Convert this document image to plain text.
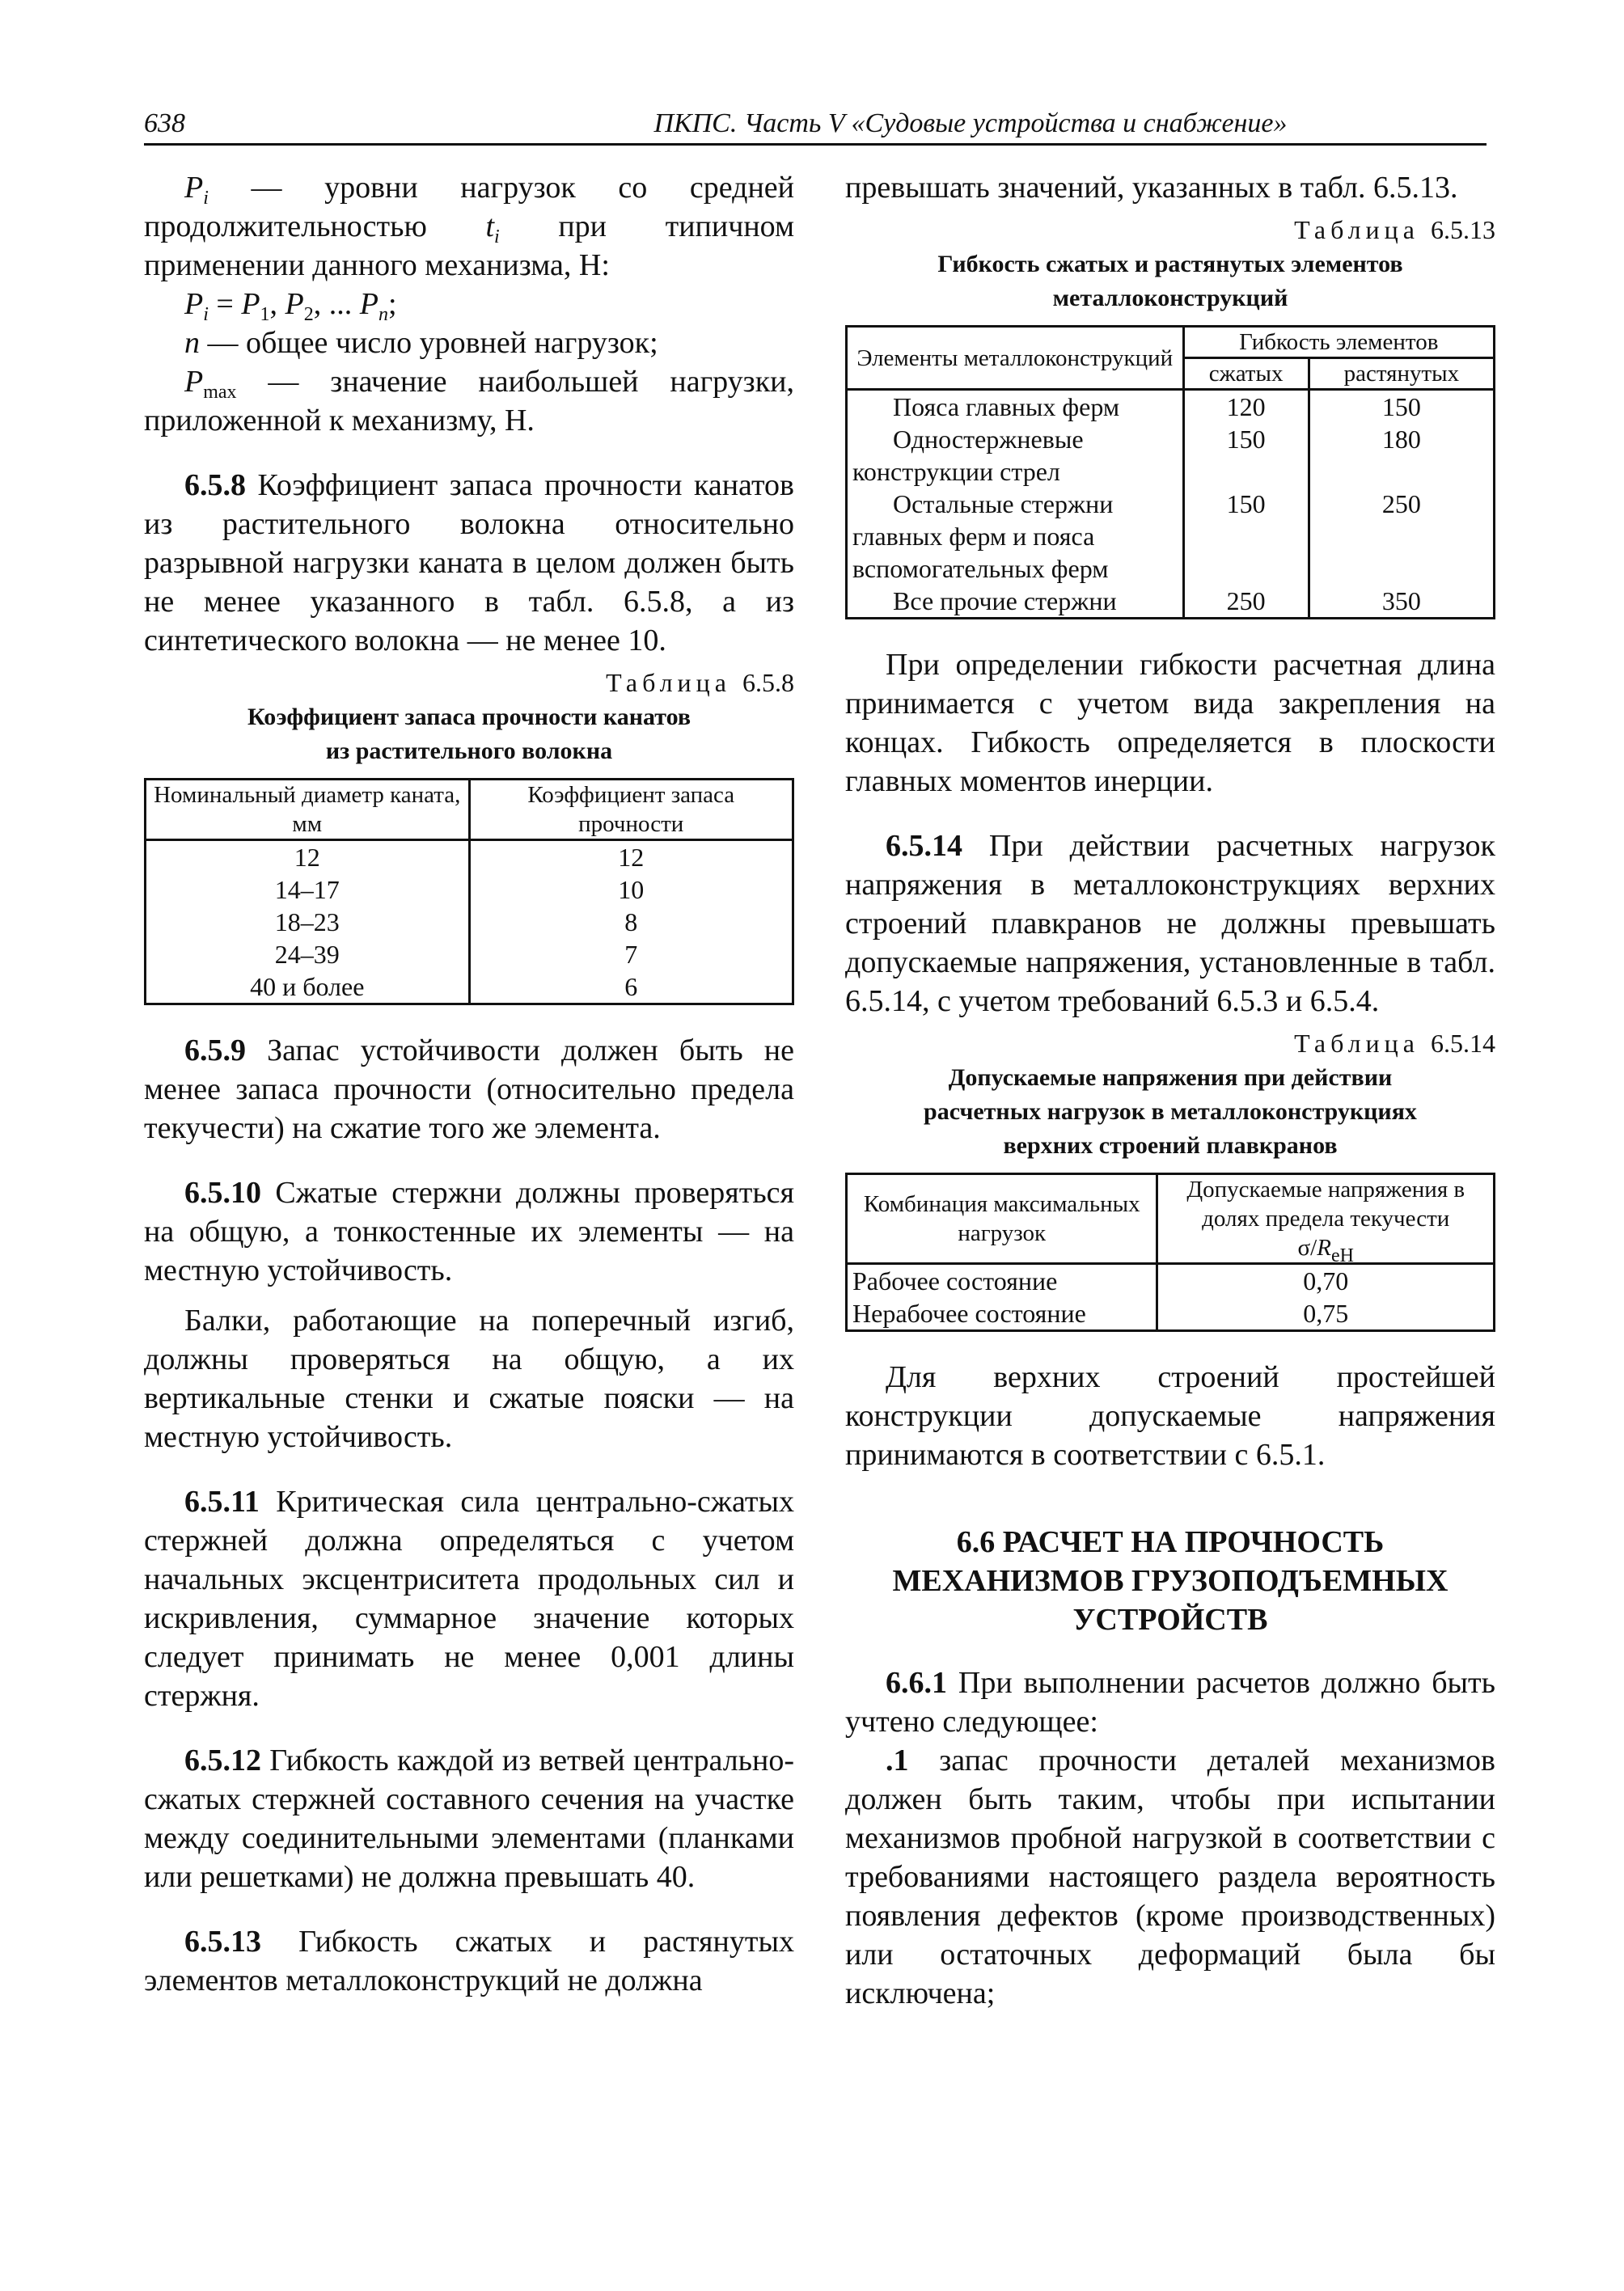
638	ПКПС. Часть V «Судовые устройства и снабжение»

$P_i$ — уровни нагрузок со средней продолжительностью $t_i$ при типичном применении данного механизма, Н:

$P_i = P_1$, $P_2$, ... $P_n$;

n — общее число уровней нагрузок;

$P_{max}$ — значение наибольшей нагрузки, приложенной к механизму, Н.

6.5.8 Коэффициент запаса прочности канатов из растительного волокна относительно разрывной нагрузки каната в целом должен быть не менее указанного в табл. 6.5.8, а из синтетического волокна — не менее 10.

Таблица 6.5.8
Коэффициент запаса прочности канатов
из растительного волокна
Номинальный диаметр каната, мм	Коэффициент запаса прочности
12	12
14–17	10
18–23	8
24–39	7
40 и более	6

6.5.9 Запас устойчивости должен быть не менее запаса прочности (относительно предела текучести) на сжатие того же элемента.

6.5.10 Сжатые стержни должны проверяться на общую, а тонкостенные их элементы — на местную устойчивость.

Балки, работающие на поперечный изгиб, должны проверяться на общую, а их вертикальные стенки и сжатые пояски — на местную устойчивость.

6.5.11 Критическая сила центрально-сжатых стержней должна определяться с учетом начальных эксцентриситета продольных сил и искривления, суммарное значение которых следует принимать не менее 0,001 длины стержня.

6.5.12 Гибкость каждой из ветвей центрально-сжатых стержней составного сечения на участке между соединительными элементами (планками или решетками) не должна превышать 40.

6.5.13 Гибкость сжатых и растянутых элементов металлоконструкций не должна

превышать значений, указанных в табл. 6.5.13.

Таблица 6.5.13
Гибкость сжатых и растянутых элементов
металлоконструкций
Элементы металлоконструкций	Гибкость элементов	
	сжатых	растянутых
Пояса главных ферм	120	150
Одностержневые конструкции стрел	150	180
Остальные стержни главных ферм и пояса вспомогательных ферм	150	250
Все прочие стержни	250	350

При определении гибкости расчетная длина принимается с учетом вида закрепления на концах. Гибкость определяется в плоскости главных моментов инерции.

6.5.14 При действии расчетных нагрузок напряжения в металлоконструкциях верхних строений плавкранов не должны превышать допускаемые напряжения, установленные в табл. 6.5.14, с учетом требований 6.5.3 и 6.5.4.

Таблица 6.5.14
Допускаемые напряжения при действии
расчетных нагрузок в металлоконструкциях
верхних строений плавкранов
Комбинация максимальных нагрузок	Допускаемые напряжения в долях предела текучести
$\sigma/R_{eH}$
Рабочее состояние	0,70
Нерабочее состояние	0,75

Для верхних строений простейшей конструкции допускаемые напряжения принимаются в соответствии с 6.5.1.

6.6 РАСЧЕТ НА ПРОЧНОСТЬ МЕХАНИЗМОВ ГРУЗОПОДЪЕМНЫХ УСТРОЙСТВ

6.6.1 При выполнении расчетов должно быть учтено следующее:

.1 запас прочности деталей механизмов должен быть таким, чтобы при испытании механизмов пробной нагрузкой в соответствии с требованиями настоящего раздела вероятность появления дефектов (кроме производственных) или остаточных деформаций была бы исключена;
